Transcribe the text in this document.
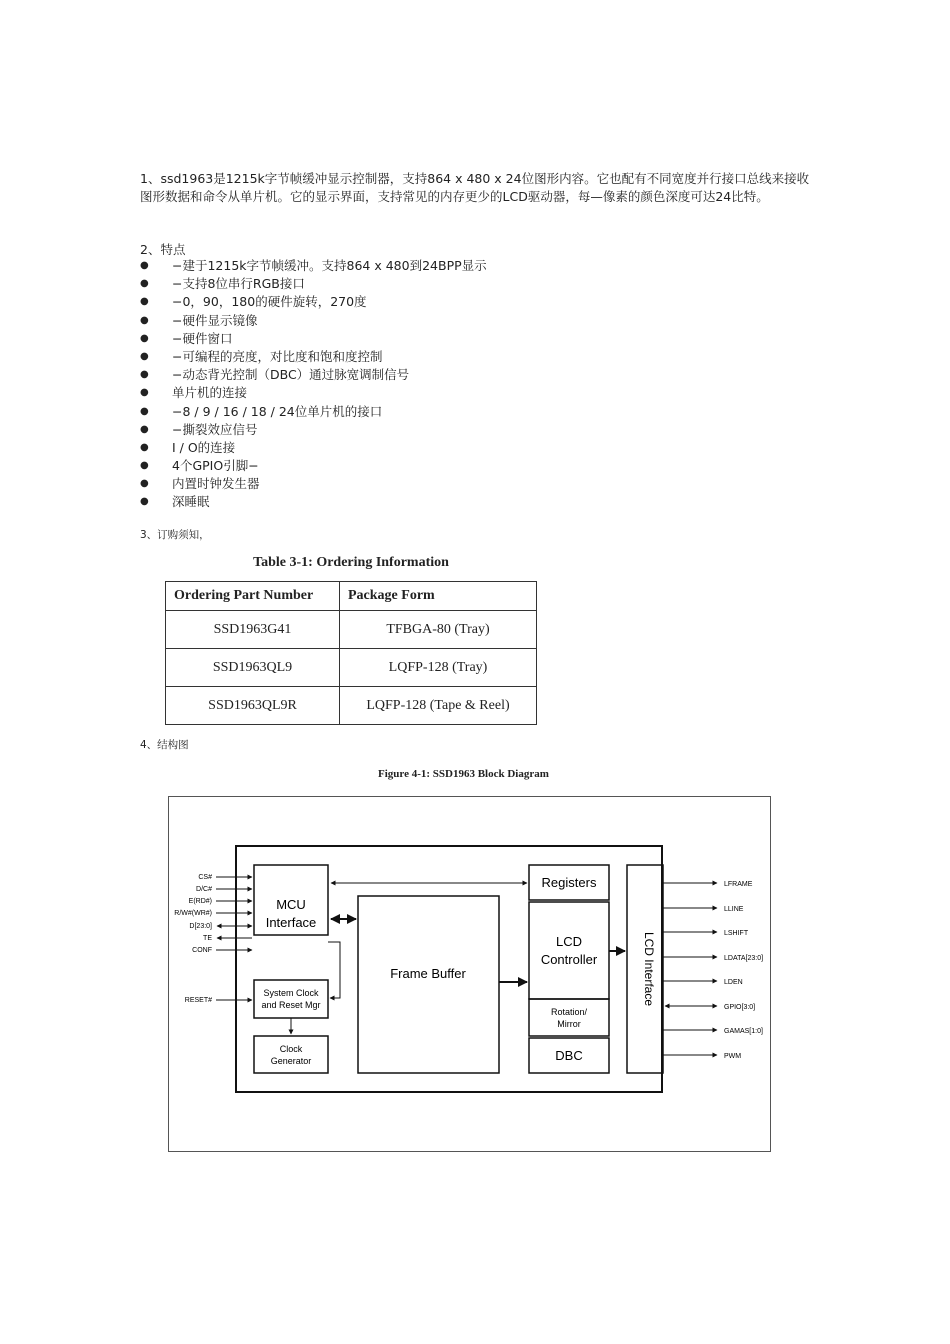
1、ssd1963是1215k字节帧缓冲显示控制器，支持864 x 480 x 24位图形内容。它也配有不同宽度并行接口总线来接收图形数据和命令从单片机。它的显示界面，支持常见的内存更少的LCD驱动器，每—像素的颜色深度可达24比特。

2、特点

● −建于1215k字节帧缓冲。支持864 x 480到24BPP显示
● −支持8位串行RGB接口
● −0，90，180的硬件旋转，270度
● −硬件显示镜像
● −硬件窗口
● −可编程的亮度，对比度和饱和度控制
● −动态背光控制（DBC）通过脉宽调制信号
● 单片机的连接
● −8 / 9 / 16 / 18 / 24位单片机的接口
● −撕裂效应信号
● I / O的连接
● 4个GPIO引脚−
● 内置时钟发生器
● 深睡眠

3、订购须知，

Table 3-1: Ordering Information

Ordering Part Number	Package Form
SSD1963G41	TFBGA-80 (Tray)
SSD1963QL9	LQFP-128 (Tray)
SSD1963QL9R	LQFP-128 (Tape & Reel)

4、结构图

Figure 4-1: SSD1963 Block Diagram

MCU
Interface
System Clock
and Reset Mgr
Clock
Generator
Frame Buffer
Registers
LCD
Controller
Rotation/
Mirror
DBC
LCD Interface
CS#
D/C#
E(RD#)
R/W#(WR#)
D[23:0]
TE
CONF
RESET#
LFRAME
LLINE
LSHIFT
LDATA[23:0]
LDEN
GPIO[3:0]
GAMAS[1:0]
PWM
